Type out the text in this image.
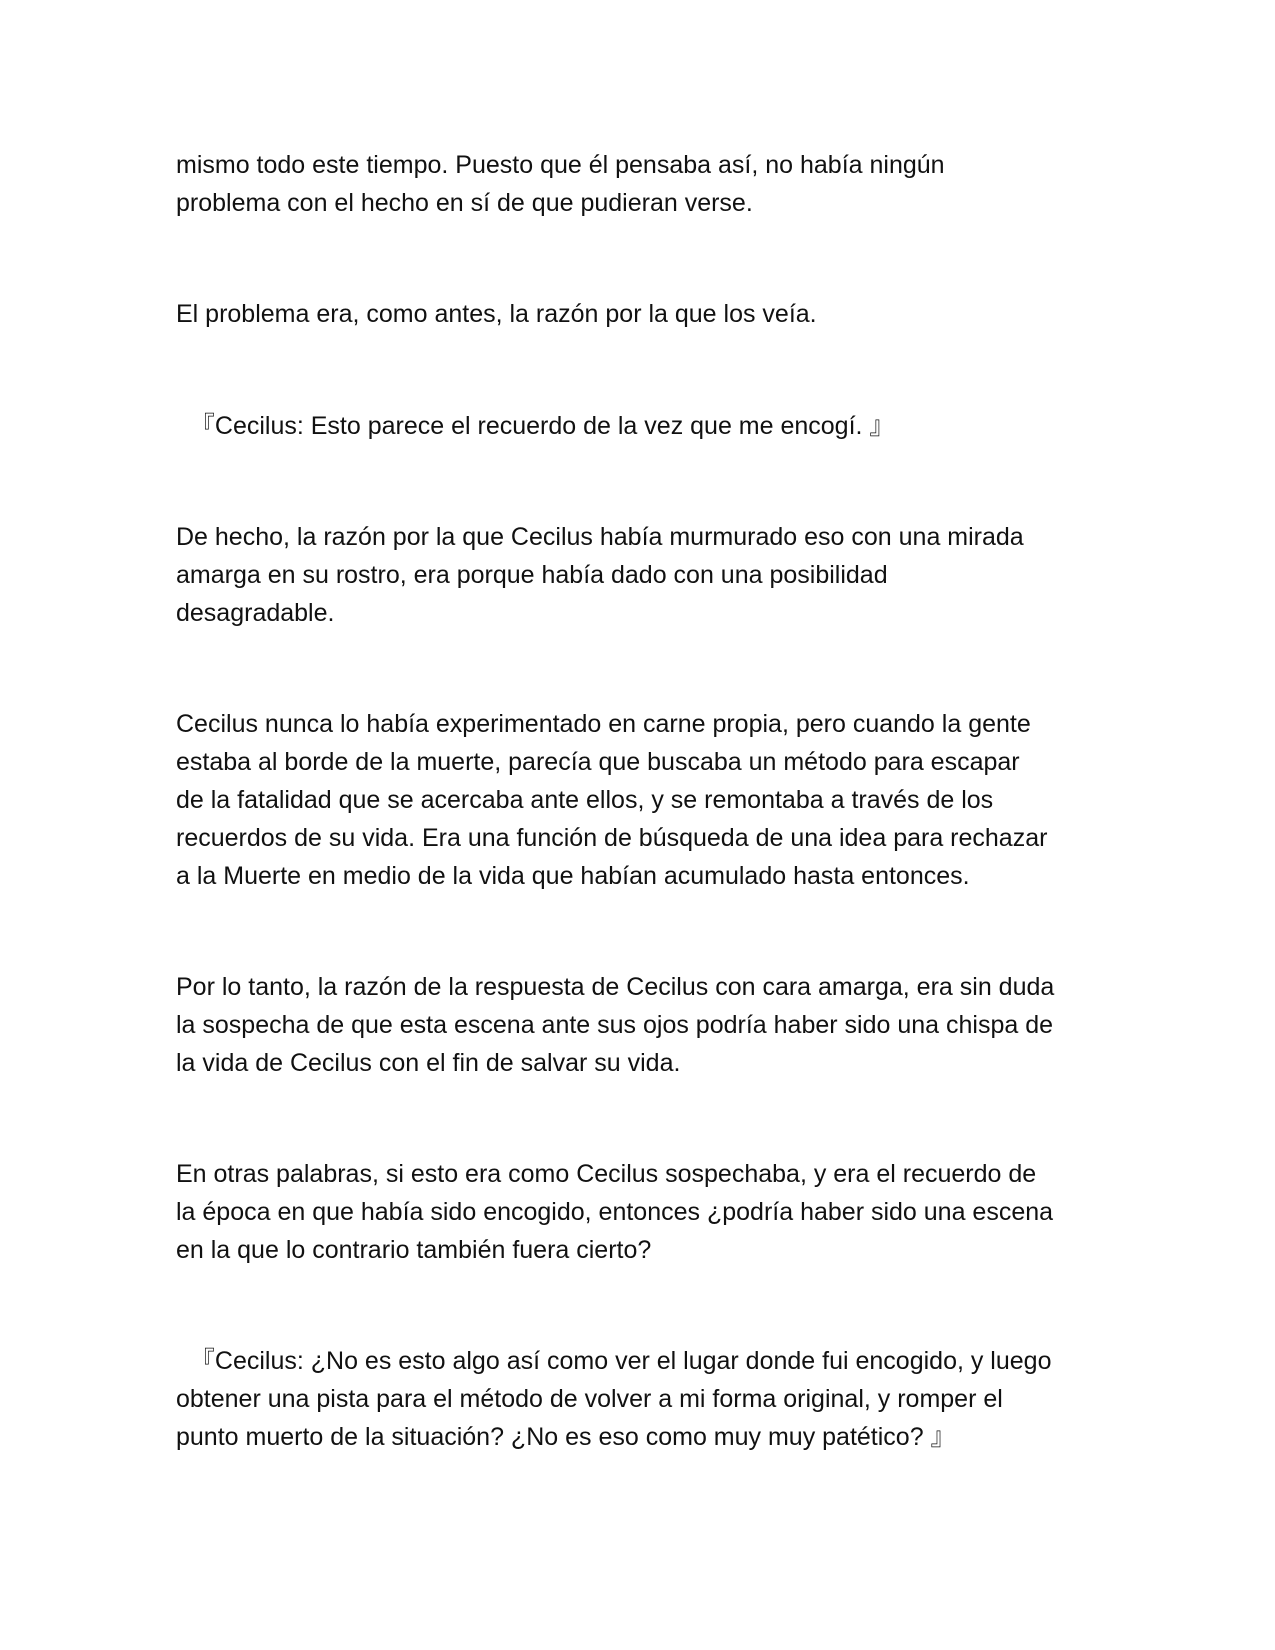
mismo todo este tiempo. Puesto que él pensaba así, no había ningún
problema con el hecho en sí de que pudieran verse.

El problema era, como antes, la razón por la que los veía.

『Cecilus: Esto parece el recuerdo de la vez que me encogí. 』

De hecho, la razón por la que Cecilus había murmurado eso con una mirada
amarga en su rostro, era porque había dado con una posibilidad
desagradable.

Cecilus nunca lo había experimentado en carne propia, pero cuando la gente
estaba al borde de la muerte, parecía que buscaba un método para escapar
de la fatalidad que se acercaba ante ellos, y se remontaba a través de los
recuerdos de su vida. Era una función de búsqueda de una idea para rechazar
a la Muerte en medio de la vida que habían acumulado hasta entonces.

Por lo tanto, la razón de la respuesta de Cecilus con cara amarga, era sin duda
la sospecha de que esta escena ante sus ojos podría haber sido una chispa de
la vida de Cecilus con el fin de salvar su vida.

En otras palabras, si esto era como Cecilus sospechaba, y era el recuerdo de
la época en que había sido encogido, entonces ¿podría haber sido una escena
en la que lo contrario también fuera cierto?

『Cecilus: ¿No es esto algo así como ver el lugar donde fui encogido, y luego
obtener una pista para el método de volver a mi forma original, y romper el
punto muerto de la situación? ¿No es eso como muy muy patético? 』
